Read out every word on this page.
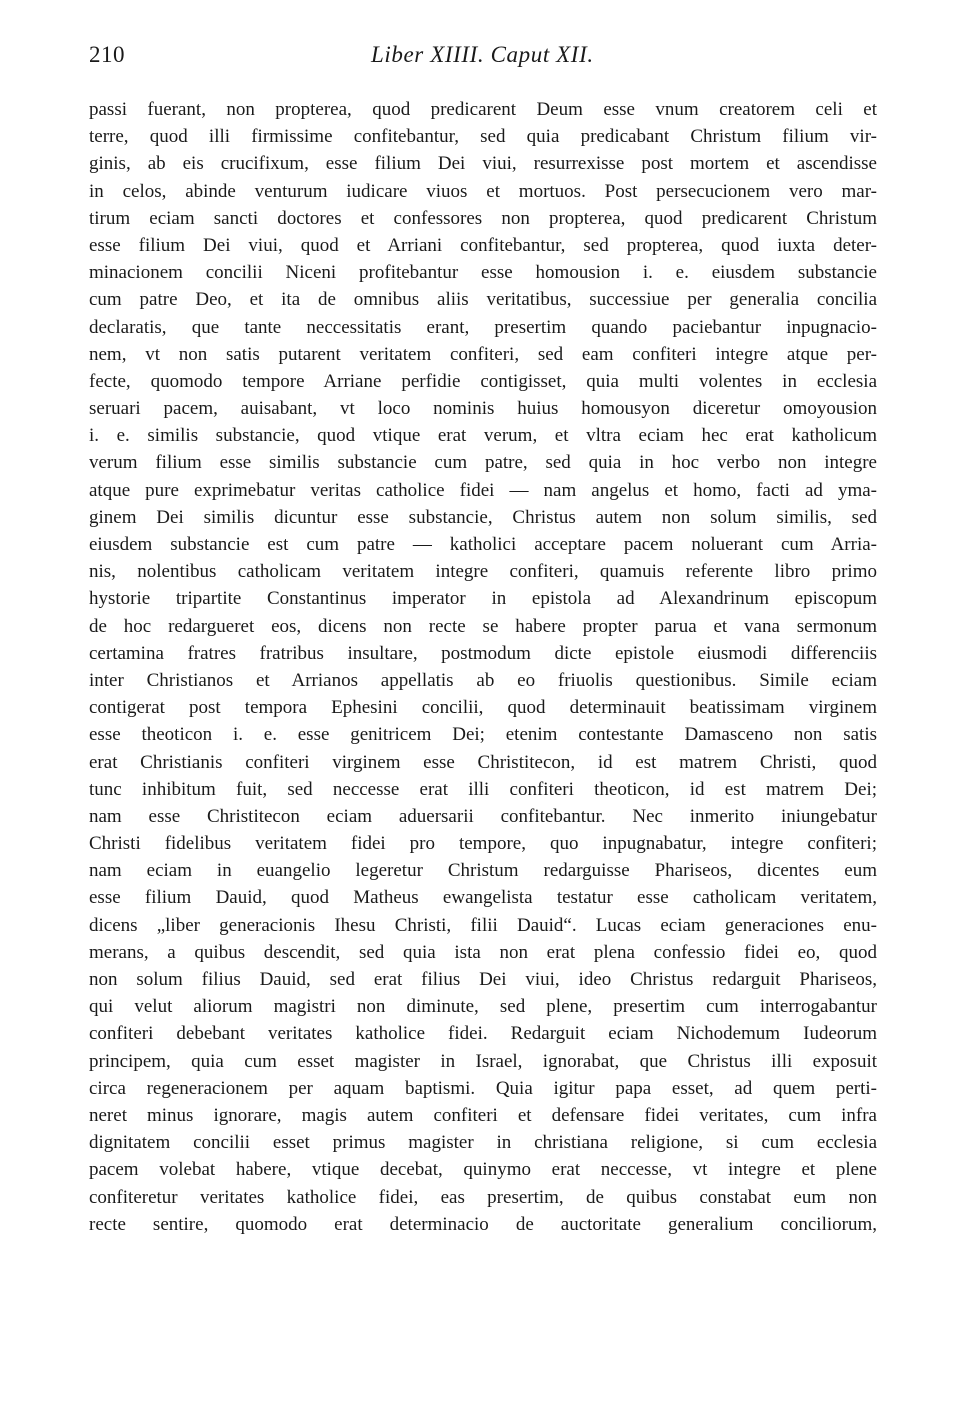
210	Liber XIIII. Caput XII.
passi fuerant, non propterea, quod predicarent Deum esse vnum creatorem celi et
terre, quod illi firmissime confitebantur, sed quia predicabant Christum filium vir-
ginis, ab eis crucifixum, esse filium Dei viui, resurrexisse post mortem et ascendisse
in celos, abinde venturum iudicare viuos et mortuos. Post persecucionem vero mar-
tirum eciam sancti doctores et confessores non propterea, quod predicarent Christum
esse filium Dei viui, quod et Arriani confitebantur, sed propterea, quod iuxta deter-
minacionem concilii Niceni profitebantur esse homousion i. e. eiusdem substancie
cum patre Deo, et ita de omnibus aliis veritatibus, successiue per generalia concilia
declaratis, que tante neccessitatis erant, presertim quando paciebantur inpugnacio-
nem, vt non satis putarent veritatem confiteri, sed eam confiteri integre atque per-
fecte, quomodo tempore Arriane perfidie contigisset, quia multi volentes in ecclesia
seruari pacem, auisabant, vt loco nominis huius homousyon diceretur omoyousion
i. e. similis substancie, quod vtique erat verum, et vltra eciam hec erat katholicum
verum filium esse similis substancie cum patre, sed quia in hoc verbo non integre
atque pure exprimebatur veritas catholice fidei — nam angelus et homo, facti ad yma-
ginem Dei similis dicuntur esse substancie, Christus autem non solum similis, sed
eiusdem substancie est cum patre — katholici acceptare pacem noluerant cum Arria-
nis, nolentibus catholicam veritatem integre confiteri, quamuis referente libro primo
hystorie tripartite Constantinus imperator in epistola ad Alexandrinum episcopum
de hoc redargueret eos, dicens non recte se habere propter parua et vana sermonum
certamina fratres fratribus insultare, postmodum dicte epistole eiusmodi differenciis
inter Christianos et Arrianos appellatis ab eo friuolis questionibus. Simile eciam
contigerat post tempora Ephesini concilii, quod determinauit beatissimam virginem
esse theoticon i. e. esse genitricem Dei; etenim contestante Damasceno non satis
erat Christianis confiteri virginem esse Christitecon, id est matrem Christi, quod
tunc inhibitum fuit, sed neccesse erat illi confiteri theoticon, id est matrem Dei;
nam esse Christitecon eciam aduersarii confitebantur. Nec inmerito iniungebatur
Christi fidelibus veritatem fidei pro tempore, quo inpugnabatur, integre confiteri;
nam eciam in euangelio legeretur Christum redarguisse Phariseos, dicentes eum
esse filium Dauid, quod Matheus ewangelista testatur esse catholicam veritatem,
dicens „liber generacionis Ihesu Christi, filii Dauid“. Lucas eciam generaciones enu-
merans, a quibus descendit, sed quia ista non erat plena confessio fidei eo, quod
non solum filius Dauid, sed erat filius Dei viui, ideo Christus redarguit Phariseos,
qui velut aliorum magistri non diminute, sed plene, presertim cum interrogabantur
confiteri debebant veritates katholice fidei. Redarguit eciam Nichodemum Iudeorum
principem, quia cum esset magister in Israel, ignorabat, que Christus illi exposuit
circa regeneracionem per aquam baptismi. Quia igitur papa esset, ad quem perti-
neret minus ignorare, magis autem confiteri et defensare fidei veritates, cum infra
dignitatem concilii esset primus magister in christiana religione, si cum ecclesia
pacem volebat habere, vtique decebat, quinymo erat neccesse, vt integre et plene
confiteretur veritates katholice fidei, eas presertim, de quibus constabat eum non
recte sentire, quomodo erat determinacio de auctoritate generalium conciliorum,
